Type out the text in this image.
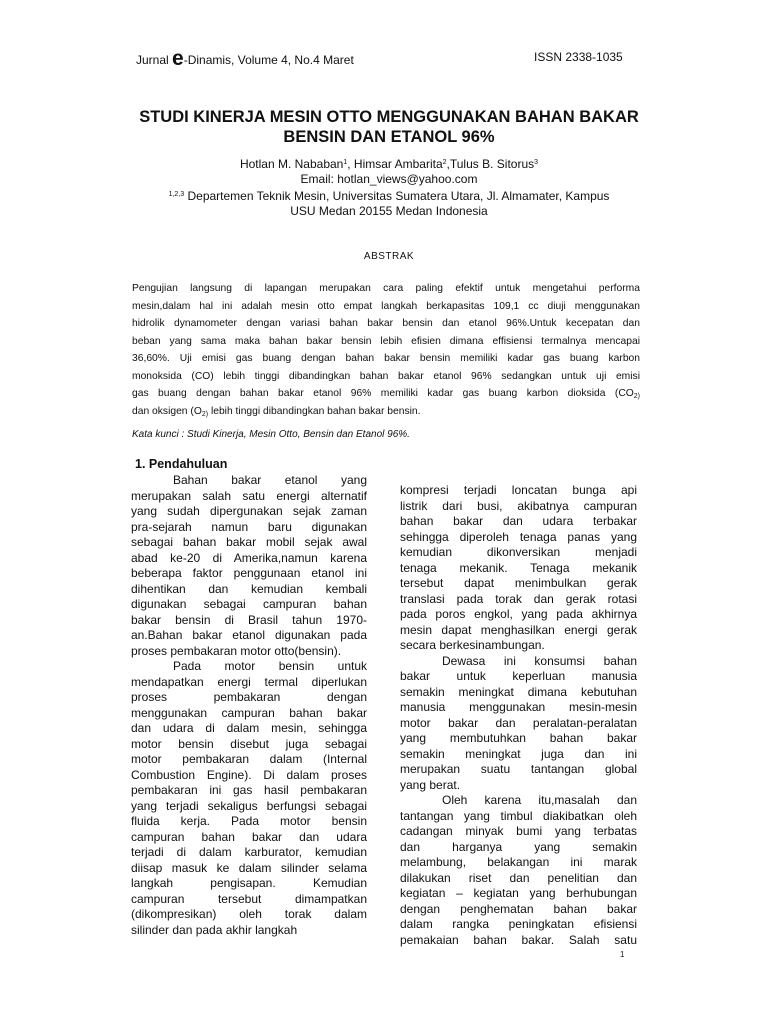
Jurnal e-Dinamis, Volume 4, No.4 Maret	ISSN 2338-1035
STUDI KINERJA MESIN OTTO MENGGUNAKAN BAHAN BAKAR
BENSIN DAN ETANOL 96%
Hotlan M. Nababan$^1$, Himsar Ambarita$^2$,Tulus B. Sitorus$^3$
Email: hotlan_views@yahoo.com
$^{1,2,3}$ Departemen Teknik Mesin, Universitas Sumatera Utara, Jl. Almamater, Kampus
USU Medan 20155 Medan Indonesia
ABSTRAK
Pengujian langsung di lapangan merupakan cara paling efektif untuk mengetahui performa
mesin,dalam hal ini adalah mesin otto empat langkah berkapasitas 109,1 cc diuji menggunakan
hidrolik dynamometer dengan variasi bahan bakar bensin dan etanol 96%.Untuk kecepatan dan
beban yang sama maka bahan bakar bensin lebih efisien dimana effisiensi termalnya mencapai
36,60%. Uji emisi gas buang dengan bahan bakar bensin memiliki kadar gas buang karbon
monoksida (CO) lebih tinggi dibandingkan bahan bakar etanol 96% sedangkan untuk uji emisi
gas buang dengan bahan bakar etanol 96% memiliki kadar gas buang karbon dioksida ($CO_{2)}$
dan oksigen ($O_{2)}$ lebih tinggi dibandingkan bahan bakar bensin.
Kata kunci : Studi Kinerja, Mesin Otto, Bensin dan Etanol 96%.
1. Pendahuluan
Bahan bakar etanol yang
merupakan salah satu energi alternatif
yang sudah dipergunakan sejak zaman
pra-sejarah namun baru digunakan
sebagai bahan bakar mobil sejak awal
abad ke-20 di Amerika,namun karena
beberapa faktor penggunaan etanol ini
dihentikan dan kemudian kembali
digunakan sebagai campuran bahan
bakar bensin di Brasil tahun 1970-
an.Bahan bakar etanol digunakan pada
proses pembakaran motor otto(bensin).
Pada motor bensin untuk
mendapatkan energi termal diperlukan
proses pembakaran dengan
menggunakan campuran bahan bakar
dan udara di dalam mesin, sehingga
motor bensin disebut juga sebagai
motor pembakaran dalam (Internal
Combustion Engine). Di dalam proses
pembakaran ini gas hasil pembakaran
yang terjadi sekaligus berfungsi sebagai
fluida kerja. Pada motor bensin
campuran bahan bakar dan udara
terjadi di dalam karburator, kemudian
diisap masuk ke dalam silinder selama
langkah pengisapan. Kemudian
campuran tersebut dimampatkan
(dikompresikan) oleh torak dalam
silinder dan pada akhir langkah
kompresi terjadi loncatan bunga api
listrik dari busi, akibatnya campuran
bahan bakar dan udara terbakar
sehingga diperoleh tenaga panas yang
kemudian dikonversikan menjadi
tenaga mekanik. Tenaga mekanik
tersebut dapat menimbulkan gerak
translasi pada torak dan gerak rotasi
pada poros engkol, yang pada akhirnya
mesin dapat menghasilkan energi gerak
secara berkesinambungan.
Dewasa ini konsumsi bahan
bakar untuk keperluan manusia
semakin meningkat dimana kebutuhan
manusia menggunakan mesin-mesin
motor bakar dan peralatan-peralatan
yang membutuhkan bahan bakar
semakin meningkat juga dan ini
merupakan suatu tantangan global
yang berat.
Oleh karena itu,masalah dan
tantangan yang timbul diakibatkan oleh
cadangan minyak bumi yang terbatas
dan harganya yang semakin
melambung, belakangan ini marak
dilakukan riset dan penelitian dan
kegiatan – kegiatan yang berhubungan
dengan penghematan bahan bakar
dalam rangka peningkatan efisiensi
pemakaian bahan bakar. Salah satu
1
